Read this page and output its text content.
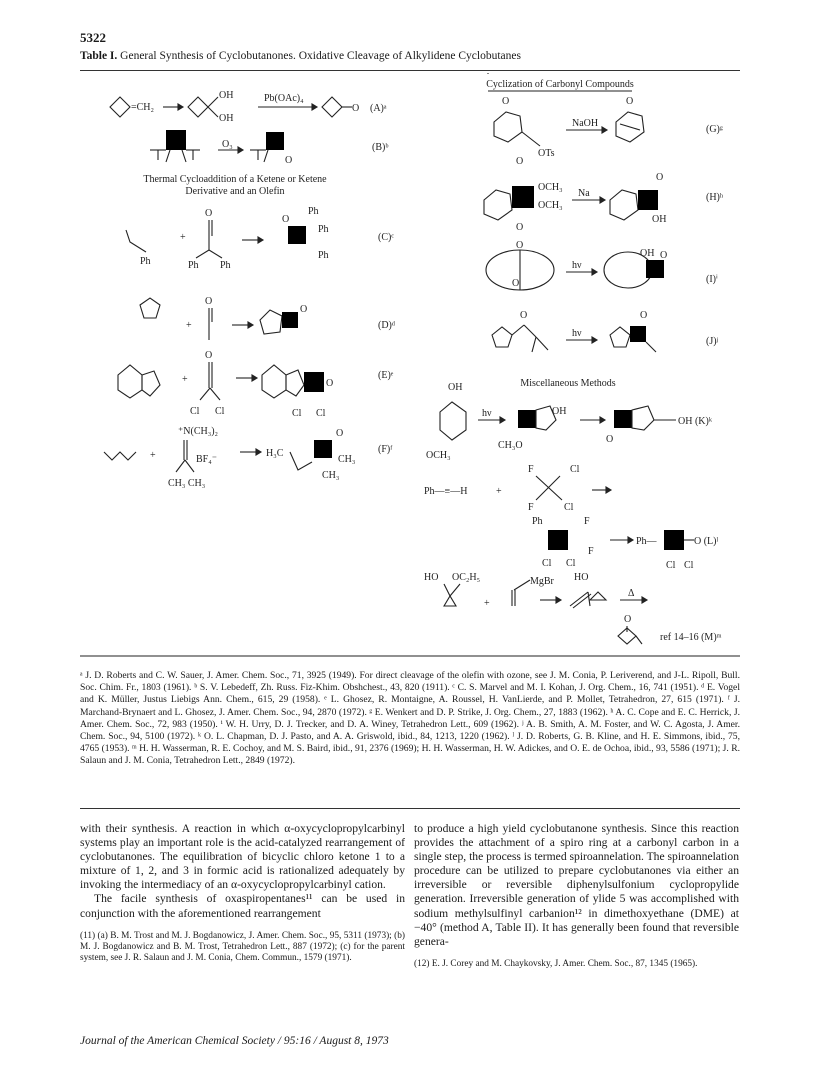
5322
Table I. General Synthesis of Cyclobutanones. Oxidative Cleavage of Alkylidene Cyclobutanes
Cyclization of Carbonyl Compounds
=CH₂
OH
OH
Pb(OAc)₄
O (A)ᵃ
O₃
O
(B)ᵇ
Thermal Cycloaddition of a Ketene or Ketene
Derivative and an Olefin
Ph
+
O
Ph Ph
O
Ph
Ph
Ph
(C)ᶜ
+
O
O
(D)ᵈ
+
O
Cl Cl
O
Cl Cl
(E)ᵉ
+
⁺N(CH₃)₂
BF₄⁻
CH₃ CH₃
H₃C
O
CH₃
CH₃
(F)ᶠ
O
OTs
NaOH
O
(G)ᵍ
O
OCH₃
OCH₃
O
Na
O
OH
(H)ʰ
O
O
hν
OH O
(I)ⁱ
O
hν
O
(J)ʲ
Miscellaneous Methods
OH
OCH₃
hν	OH
CH₃O
O
OH (K)ᵏ
Ph—≡—H	+
F	Cl
F	Cl
Ph	F
Cl Cl
F
Ph—
Cl Cl
O (L)ˡ
HO OC₂H₅
+
MgBr HO
Δ
O
ref 14–16 (M)ᵐ
ᵃ J. D. Roberts and C. W. Sauer, J. Amer. Chem. Soc., 71, 3925 (1949). For direct cleavage of the olefin with ozone, see J. M. Conia, P. Leriverend, and J-L. Ripoll, Bull. Soc. Chim. Fr., 1803 (1961). ᵇ S. V. Lebedeff, Zh. Russ. Fiz-Khim. Obshchest., 43, 820 (1911). ᶜ C. S. Marvel and M. I. Kohan, J. Org. Chem., 16, 741 (1951). ᵈ E. Vogel and K. Müller, Justus Liebigs Ann. Chem., 615, 29 (1958). ᵉ L. Ghosez, R. Montaigne, A. Roussel, H. VanLierde, and P. Mollet, Tetrahedron, 27, 615 (1971). ᶠ J. Marchand-Brynaert and L. Ghosez, J. Amer. Chem. Soc., 94, 2870 (1972). ᵍ E. Wenkert and D. P. Strike, J. Org. Chem., 27, 1883 (1962). ʰ A. C. Cope and E. C. Herrick, J. Amer. Chem. Soc., 72, 983 (1950). ⁱ W. H. Urry, D. J. Trecker, and D. A. Winey, Tetrahedron Lett., 609 (1962). ʲ A. B. Smith, A. M. Foster, and W. C. Agosta, J. Amer. Chem. Soc., 94, 5100 (1972). ᵏ O. L. Chapman, D. J. Pasto, and A. A. Griswold, ibid., 84, 1213, 1220 (1962). ˡ J. D. Roberts, G. B. Kline, and H. E. Simmons, ibid., 75, 4765 (1953). ᵐ H. H. Wasserman, R. E. Cochoy, and M. S. Baird, ibid., 91, 2376 (1969); H. H. Wasserman, H. W. Adickes, and O. E. de Ochoa, ibid., 93, 5586 (1971); J. R. Salaun and J. M. Conia, Tetrahedron Lett., 2849 (1972).
with their synthesis. A reaction in which α-oxycyclopropylcarbinyl systems play an important role is the acid-catalyzed rearrangement of cyclobutanones. The equilibration of bicyclic chloro ketone 1 to a mixture of 1, 2, and 3 in formic acid is rationalized adequately by invoking the intermediacy of an α-oxycyclopropylcarbinyl cation.
The facile synthesis of oxaspiropentanes¹¹ can be used in conjunction with the aforementioned rearrangement
(11) (a) B. M. Trost and M. J. Bogdanowicz, J. Amer. Chem. Soc., 95, 5311 (1973); (b) M. J. Bogdanowicz and B. M. Trost, Tetrahedron Lett., 887 (1972); (c) for the parent system, see J. R. Salaun and J. M. Conia, Chem. Commun., 1579 (1971).
to produce a high yield cyclobutanone synthesis. Since this reaction provides the attachment of a spiro ring at a carbonyl carbon in a single step, the process is termed spiroannelation. The spiroannelation procedure can be utilized to prepare cyclobutanones via either an irreversible or reversible diphenylsulfonium cyclopropylide generation. Irreversible generation of ylide 5 was accomplished with sodium methylsulfinyl carbanion¹² in dimethoxyethane (DME) at −40° (method A, Table II). It has generally been found that reversible genera-
(12) E. J. Corey and M. Chaykovsky, J. Amer. Chem. Soc., 87, 1345 (1965).
Journal of the American Chemical Society / 95:16 / August 8, 1973
